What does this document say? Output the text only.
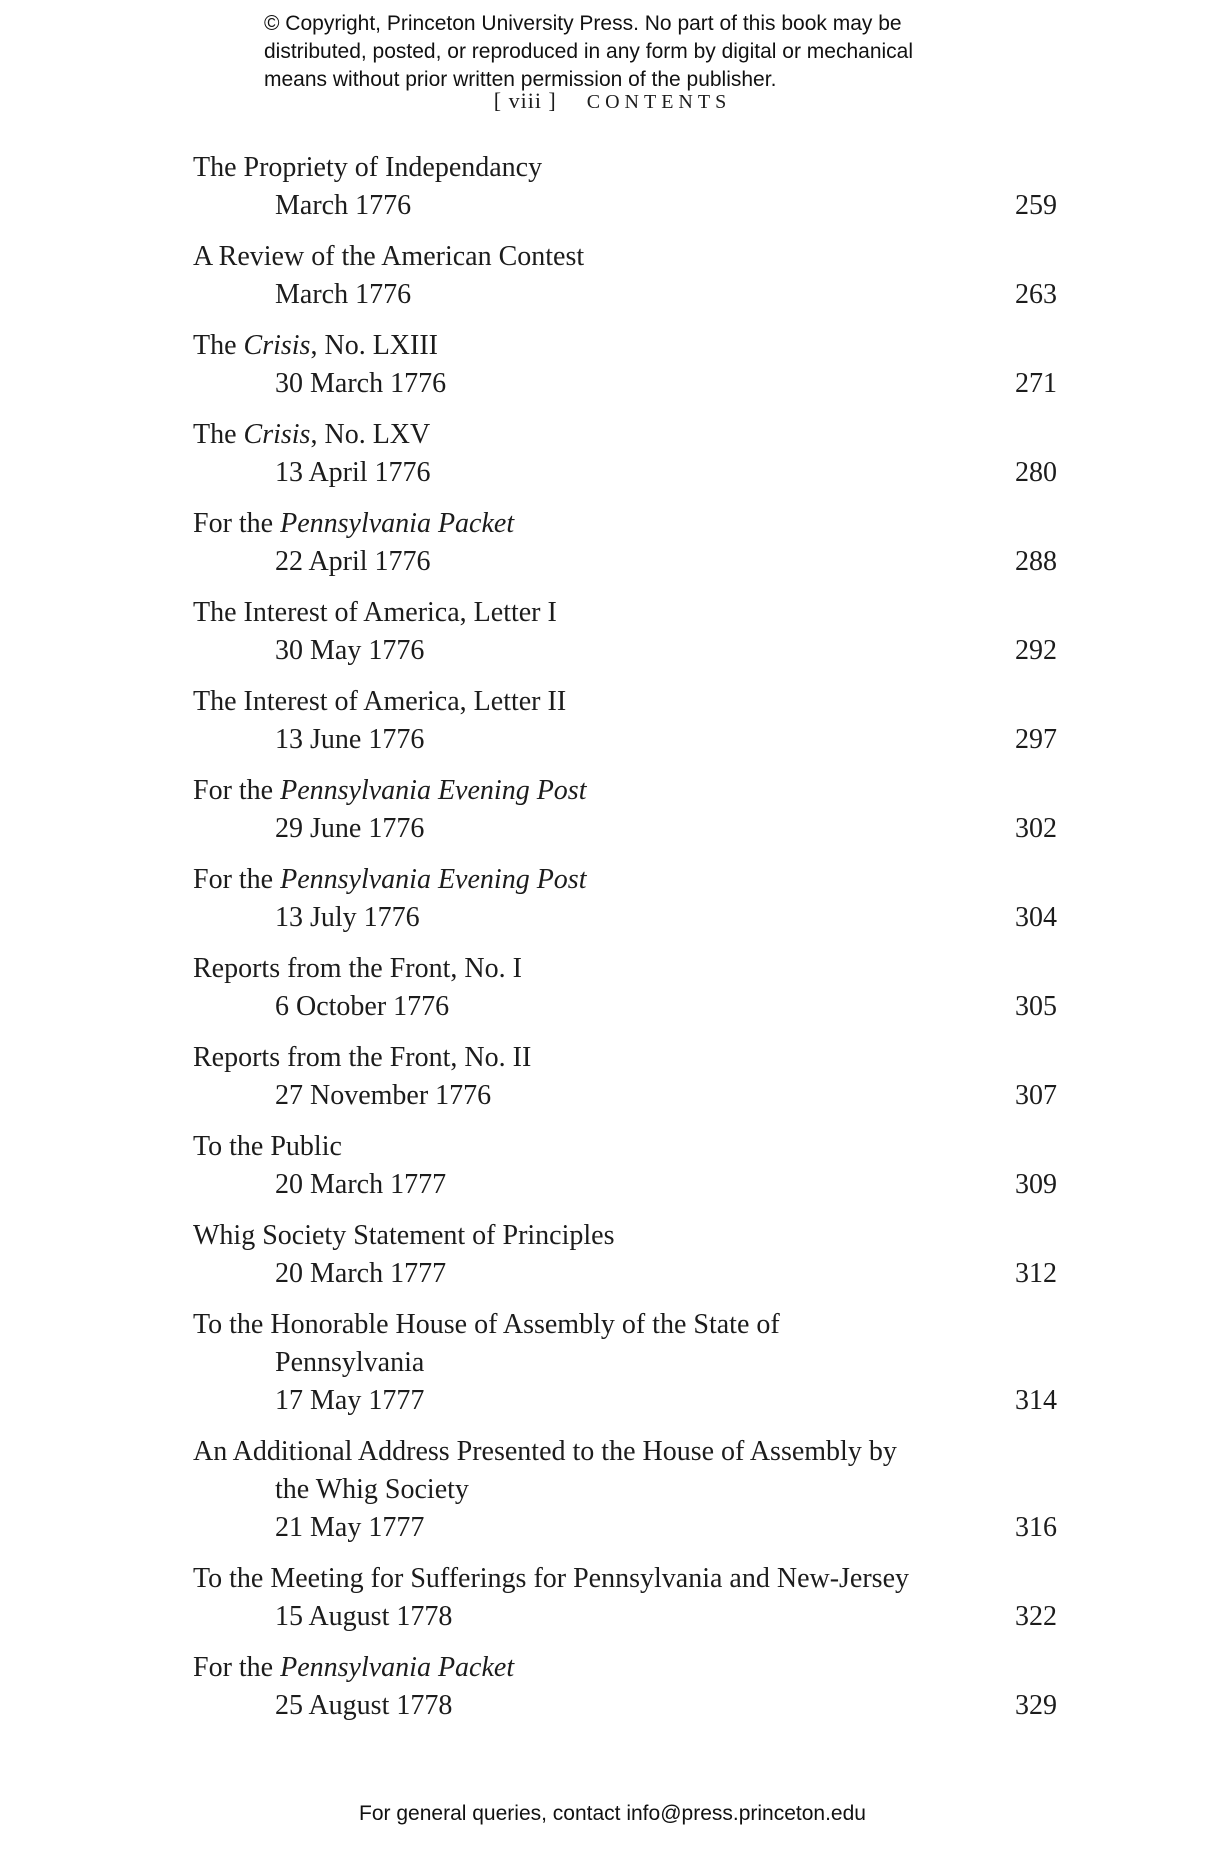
© Copyright, Princeton University Press. No part of this book may be
distributed, posted, or reproduced in any form by digital or mechanical
means without prior written permission of the publisher.
[ viii ] CONTENTS
The Propriety of Independancy
March 1776	259
A Review of the American Contest
March 1776	263
The Crisis, No. LXIII
30 March 1776	271
The Crisis, No. LXV
13 April 1776	280
For the Pennsylvania Packet
22 April 1776	288
The Interest of America, Letter I
30 May 1776	292
The Interest of America, Letter II
13 June 1776	297
For the Pennsylvania Evening Post
29 June 1776	302
For the Pennsylvania Evening Post
13 July 1776	304
Reports from the Front, No. I
6 October 1776	305
Reports from the Front, No. II
27 November 1776	307
To the Public
20 March 1777	309
Whig Society Statement of Principles
20 March 1777	312
To the Honorable House of Assembly of the State of
Pennsylvania
17 May 1777	314
An Additional Address Presented to the House of Assembly by
the Whig Society
21 May 1777	316
To the Meeting for Sufferings for Pennsylvania and New-Jersey
15 August 1778	322
For the Pennsylvania Packet
25 August 1778	329
For general queries, contact info@press.princeton.edu
